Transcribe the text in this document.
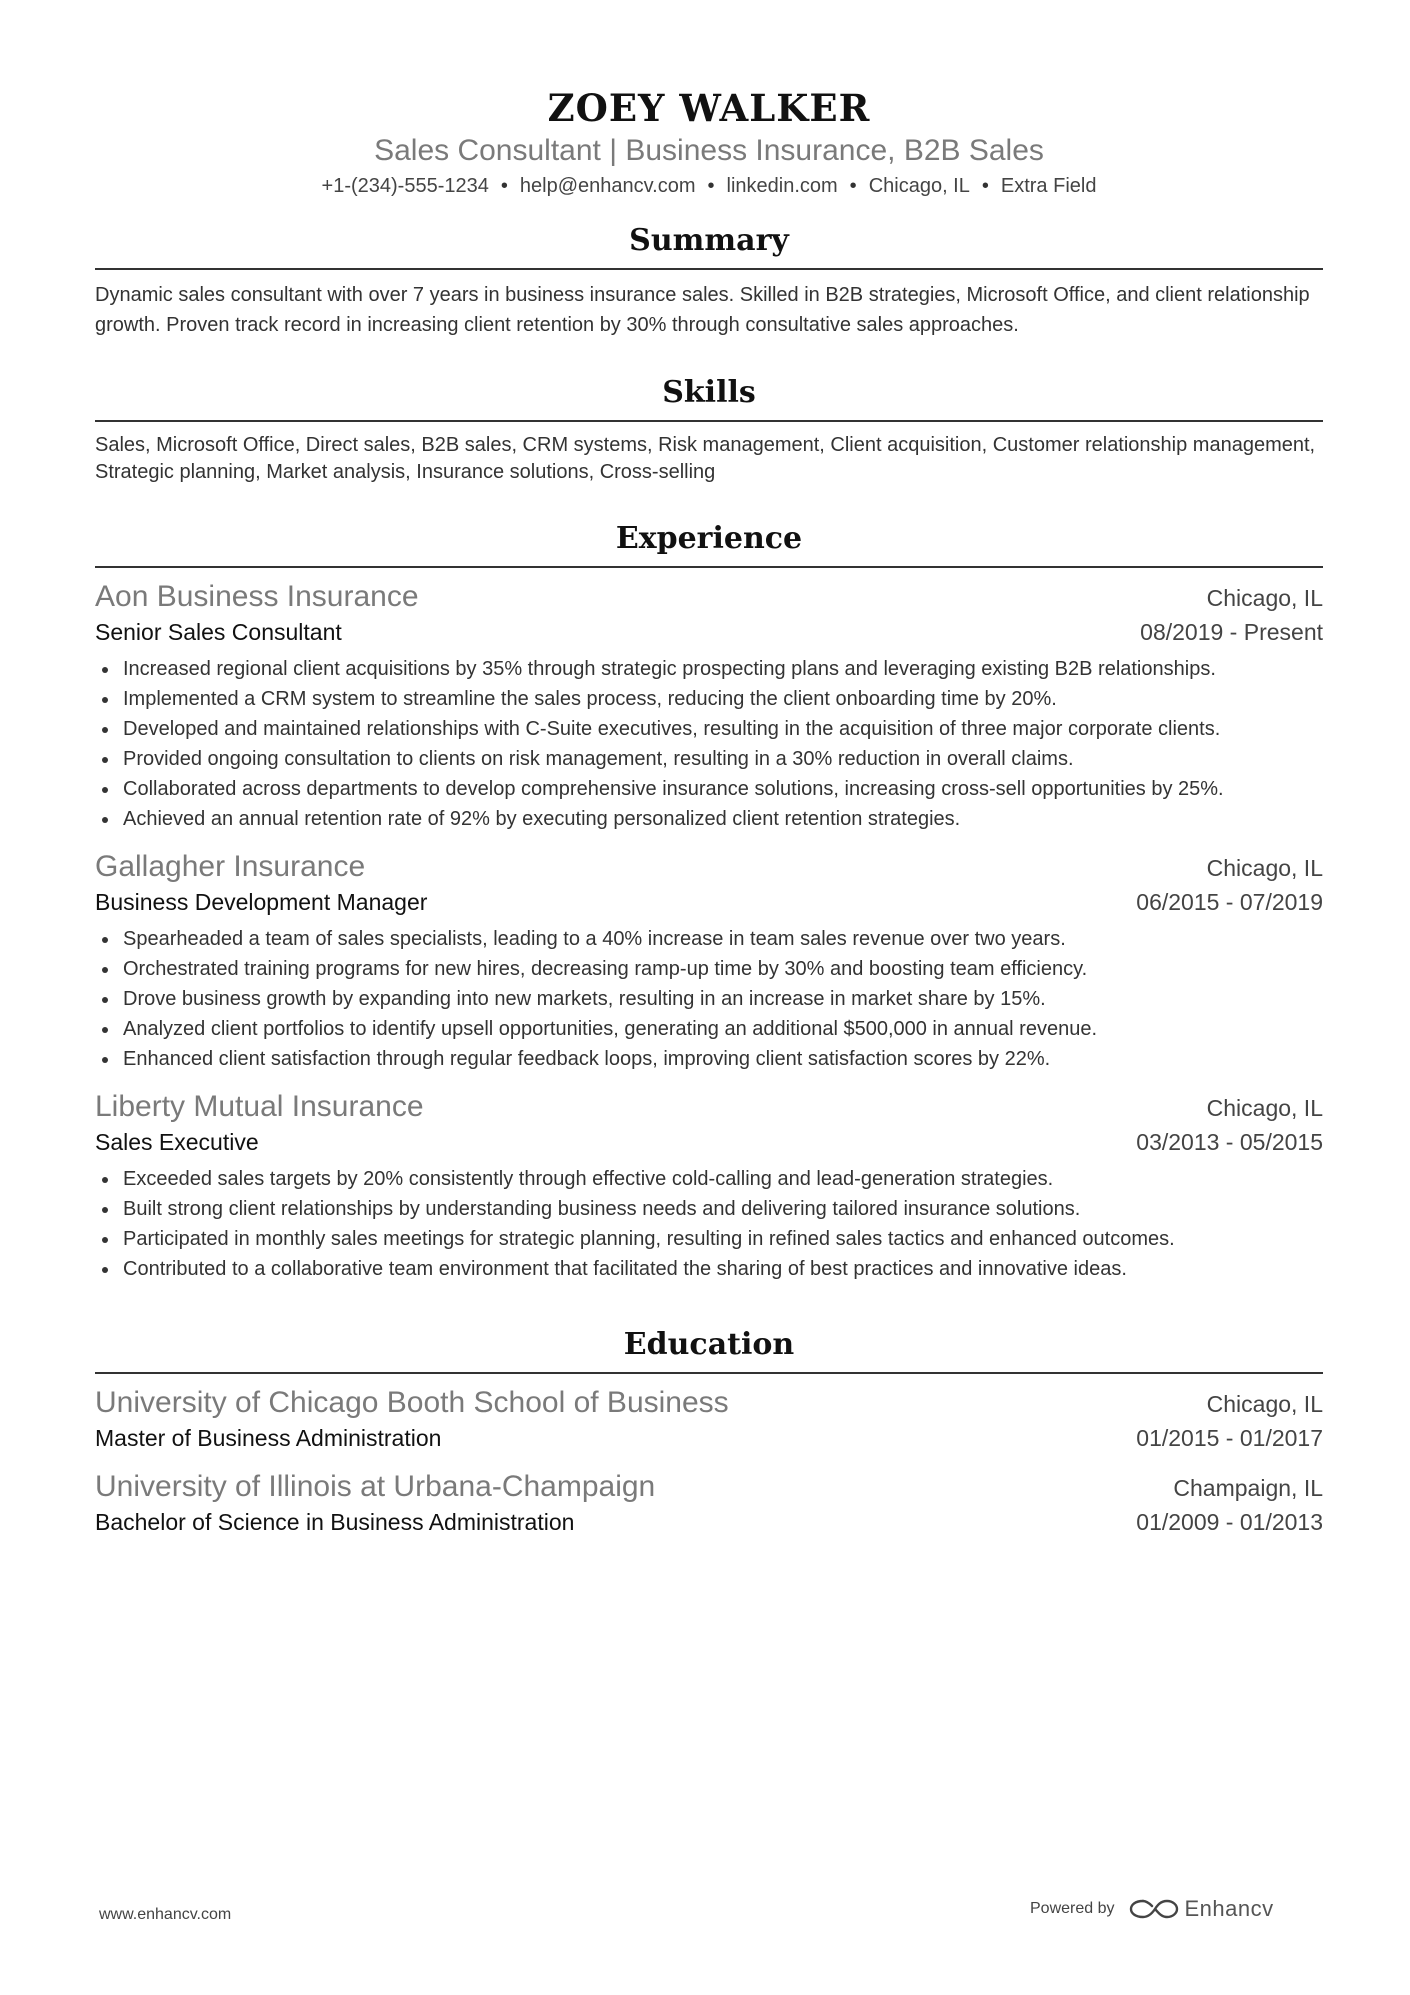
ZOEY WALKER
Sales Consultant | Business Insurance, B2B Sales
+1-(234)-555-1234 • help@enhancv.com • linkedin.com • Chicago, IL • Extra Field
Summary
Dynamic sales consultant with over 7 years in business insurance sales. Skilled in B2B strategies, Microsoft Office, and client relationship growth. Proven track record in increasing client retention by 30% through consultative sales approaches.
Skills
Sales, Microsoft Office, Direct sales, B2B sales, CRM systems, Risk management, Client acquisition, Customer relationship management, Strategic planning, Market analysis, Insurance solutions, Cross-selling
Experience
Aon Business Insurance	Chicago, IL
Senior Sales Consultant	08/2019 - Present
Increased regional client acquisitions by 35% through strategic prospecting plans and leveraging existing B2B relationships.
Implemented a CRM system to streamline the sales process, reducing the client onboarding time by 20%.
Developed and maintained relationships with C-Suite executives, resulting in the acquisition of three major corporate clients.
Provided ongoing consultation to clients on risk management, resulting in a 30% reduction in overall claims.
Collaborated across departments to develop comprehensive insurance solutions, increasing cross-sell opportunities by 25%.
Achieved an annual retention rate of 92% by executing personalized client retention strategies.
Gallagher Insurance	Chicago, IL
Business Development Manager	06/2015 - 07/2019
Spearheaded a team of sales specialists, leading to a 40% increase in team sales revenue over two years.
Orchestrated training programs for new hires, decreasing ramp-up time by 30% and boosting team efficiency.
Drove business growth by expanding into new markets, resulting in an increase in market share by 15%.
Analyzed client portfolios to identify upsell opportunities, generating an additional $500,000 in annual revenue.
Enhanced client satisfaction through regular feedback loops, improving client satisfaction scores by 22%.
Liberty Mutual Insurance	Chicago, IL
Sales Executive	03/2013 - 05/2015
Exceeded sales targets by 20% consistently through effective cold-calling and lead-generation strategies.
Built strong client relationships by understanding business needs and delivering tailored insurance solutions.
Participated in monthly sales meetings for strategic planning, resulting in refined sales tactics and enhanced outcomes.
Contributed to a collaborative team environment that facilitated the sharing of best practices and innovative ideas.
Education
University of Chicago Booth School of Business	Chicago, IL
Master of Business Administration	01/2015 - 01/2017
University of Illinois at Urbana-Champaign	Champaign, IL
Bachelor of Science in Business Administration	01/2009 - 01/2013
www.enhancv.com	Powered by	Enhancv
